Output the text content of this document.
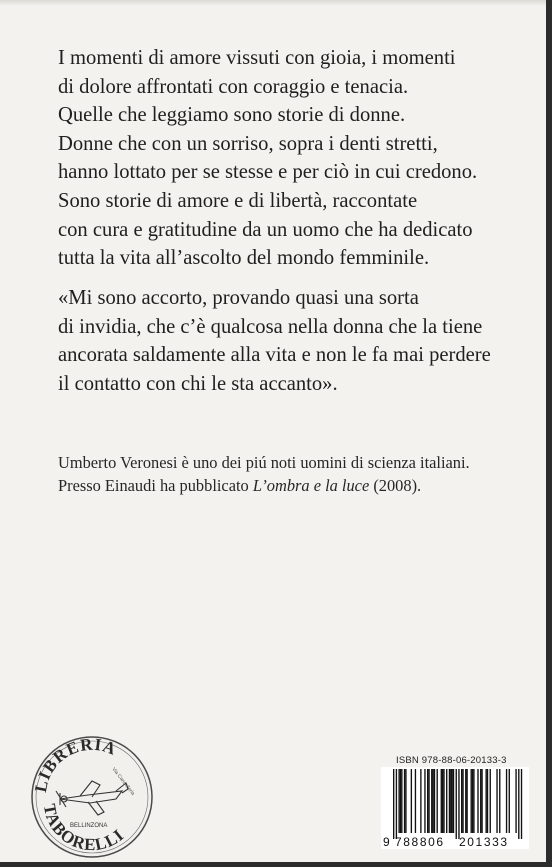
I momenti di amore vissuti con gioia, i momenti

di dolore affrontati con coraggio e tenacia.

Quelle che leggiamo sono storie di donne.

Donne che con un sorriso, sopra i denti stretti,

hanno lottato per se stesse e per ciò in cui credono.

Sono storie di amore e di libertà, raccontate

con cura e gratitudine da un uomo che ha dedicato

tutta la vita all’ascolto del mondo femminile.

«Mi sono accorto, provando quasi una sorta

di invidia, che c’è qualcosa nella donna che la tiene

ancorata saldamente alla vita e non le fa mai perdere

il contatto con chi le sta accanto».

Umberto Veronesi è uno dei piú noti uomini di scienza italiani.
Presso Einaudi ha pubblicato L’ombra e la luce (2008).
LIBRERIA
TABORELLI
Via Cancelleria
BELLINZONA
ISBN 978-88-06-20133-3
9 788806 201333
